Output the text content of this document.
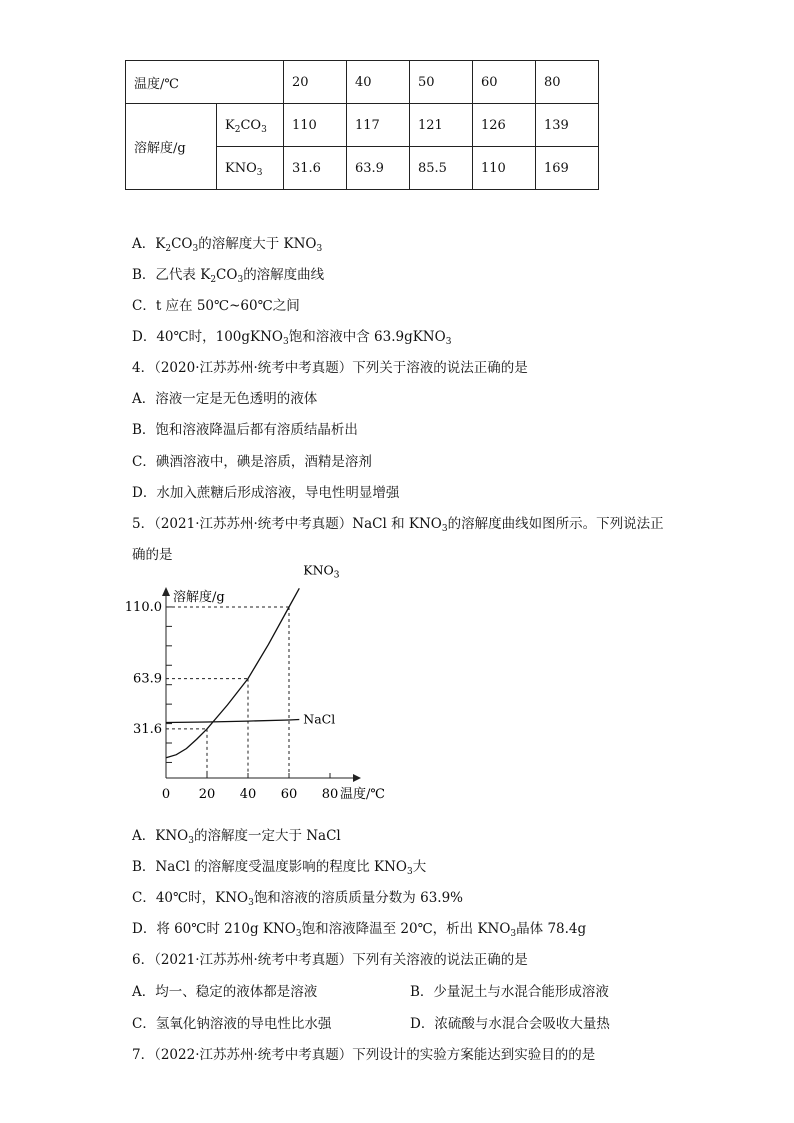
温度/℃		20	40	50	60	80
溶解度/g	$K_2CO_3$	110	117	121	126	139
	$KNO_3$	31.6	63.9	85.5	110	169
A．$K_2CO_3$的溶解度大于 $KNO_3$
B．乙代表 $K_2CO_3$的溶解度曲线
C．t 应在 50℃~60℃之间
D．40℃时，100gKNO$_3$饱和溶液中含 63.9gKNO$_3$
4．（2020·江苏苏州·统考中考真题）下列关于溶液的说法正确的是
A．溶液一定是无色透明的液体
B．饱和溶液降温后都有溶质结晶析出
C．碘酒溶液中，碘是溶质，酒精是溶剂
D．水加入蔗糖后形成溶液，导电性明显增强
5．（2021·江苏苏州·统考中考真题）NaCl 和 $KNO_3$的溶解度曲线如图所示。下列说法正
确的是
溶解度/g
温度/℃
0 20 40 60 80
31.6
63.9
110.0
$KNO_3$
NaCl
A．$KNO_3$的溶解度一定大于 NaCl
B．NaCl 的溶解度受温度影响的程度比 $KNO_3$大
C．40℃时，$KNO_3$饱和溶液的溶质质量分数为 63.9%
D．将 60℃时 210g $KNO_3$饱和溶液降温至 20℃，析出 $KNO_3$晶体 78.4g
6．（2021·江苏苏州·统考中考真题）下列有关溶液的说法正确的是
A．均一、稳定的液体都是溶液	B．少量泥土与水混合能形成溶液
C．氢氧化钠溶液的导电性比水强	D．浓硫酸与水混合会吸收大量热
7．（2022·江苏苏州·统考中考真题）下列设计的实验方案能达到实验目的的是
